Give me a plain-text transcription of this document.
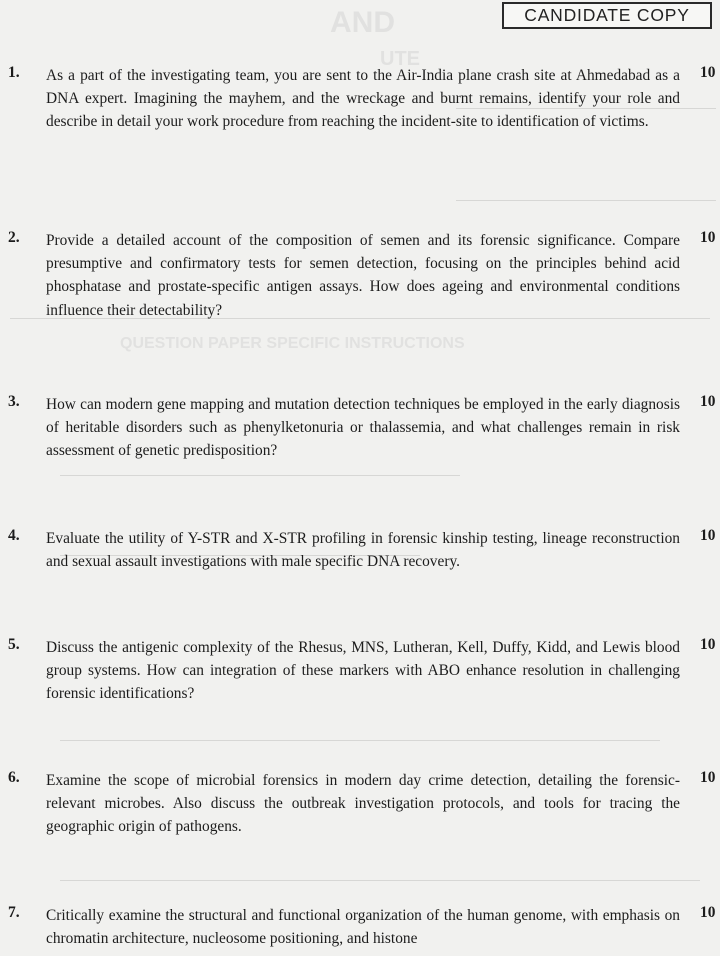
AND
UTE
QUESTION PAPER SPECIFIC INSTRUCTIONS
CANDIDATE COPY
1. As a part of the investigating team, you are sent to the Air-India plane crash site at Ahmedabad as a DNA expert. Imagining the mayhem, and the wreckage and burnt remains, identify your role and describe in detail your work procedure from reaching the incident-site to identification of victims.
10
2. Provide a detailed account of the composition of semen and its forensic significance. Compare presumptive and confirmatory tests for semen detection, focusing on the principles behind acid phosphatase and prostate-specific antigen assays. How does ageing and environmental conditions influence their detectability?
10
3. How can modern gene mapping and mutation detection techniques be employed in the early diagnosis of heritable disorders such as phenylketonuria or thalassemia, and what challenges remain in risk assessment of genetic predisposition?
10
4. Evaluate the utility of Y-STR and X-STR profiling in forensic kinship testing, lineage reconstruction and sexual assault investigations with male specific DNA recovery.
10
5. Discuss the antigenic complexity of the Rhesus, MNS, Lutheran, Kell, Duffy, Kidd, and Lewis blood group systems. How can integration of these markers with ABO enhance resolution in challenging forensic identifications?
10
6. Examine the scope of microbial forensics in modern day crime detection, detailing the forensic-relevant microbes. Also discuss the outbreak investigation protocols, and tools for tracing the geographic origin of pathogens.
10
7. Critically examine the structural and functional organization of the human genome, with emphasis on chromatin architecture, nucleosome positioning, and histone
10
